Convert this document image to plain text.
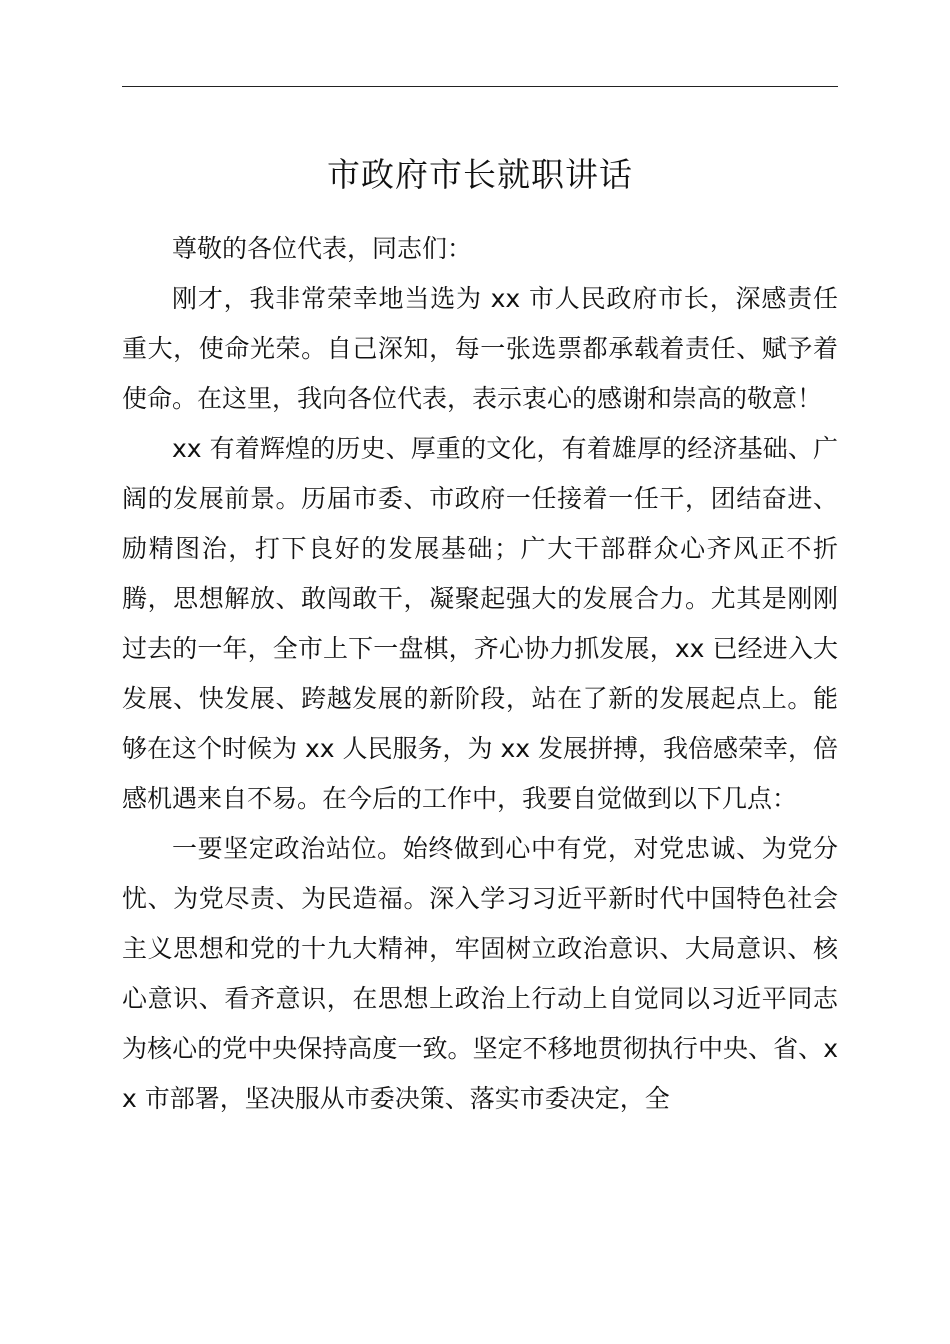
市政府市长就职讲话

尊敬的各位代表，同志们：

刚才，我非常荣幸地当选为 xx 市人民政府市长，深感责任重大，使命光荣。自己深知，每一张选票都承载着责任、赋予着使命。在这里，我向各位代表，表示衷心的感谢和崇高的敬意！

xx 有着辉煌的历史、厚重的文化，有着雄厚的经济基础、广阔的发展前景。历届市委、市政府一任接着一任干，团结奋进、励精图治，打下良好的发展基础；广大干部群众心齐风正不折腾，思想解放、敢闯敢干，凝聚起强大的发展合力。尤其是刚刚过去的一年，全市上下一盘棋，齐心协力抓发展，xx 已经进入大发展、快发展、跨越发展的新阶段，站在了新的发展起点上。能够在这个时候为 xx 人民服务，为 xx 发展拼搏，我倍感荣幸，倍感机遇来自不易。在今后的工作中，我要自觉做到以下几点：

一要坚定政治站位。始终做到心中有党，对党忠诚、为党分忧、为党尽责、为民造福。深入学习习近平新时代中国特色社会主义思想和党的十九大精神，牢固树立政治意识、大局意识、核心意识、看齐意识，在思想上政治上行动上自觉同以习近平同志为核心的党中央保持高度一致。坚定不移地贯彻执行中央、省、xx 市部署，坚决服从市委决策、落实市委决定，全
